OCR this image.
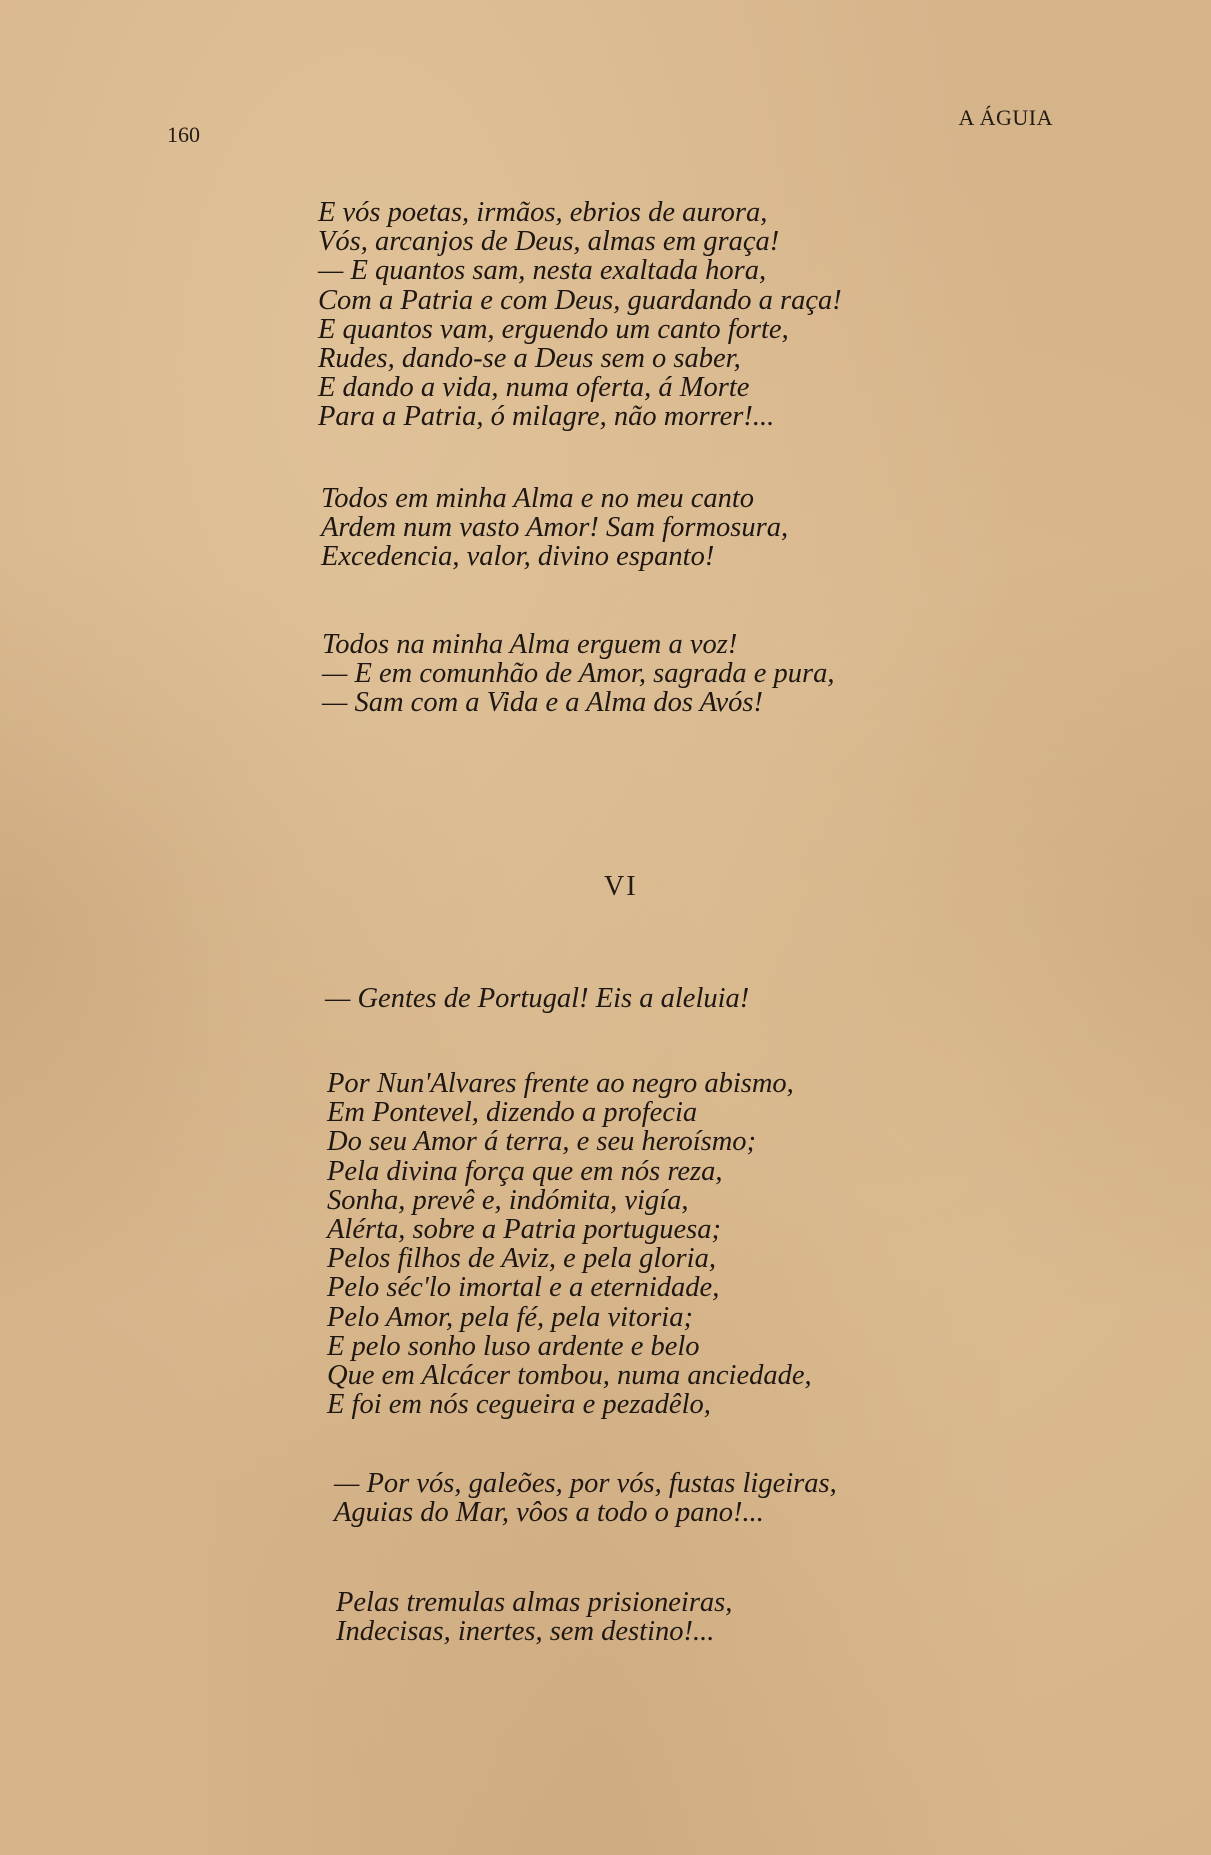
160
A ÁGUIA

E vós poetas, irmãos, ebrios de aurora,
Vós, arcanjos de Deus, almas em graça!
— E quantos sam, nesta exaltada hora,
Com a Patria e com Deus, guardando a raça!
E quantos vam, erguendo um canto forte,
Rudes, dando-se a Deus sem o saber,
E dando a vida, numa oferta, á Morte
Para a Patria, ó milagre, não morrer!...

Todos em minha Alma e no meu canto
Ardem num vasto Amor! Sam formosura,
Excedencia, valor, divino espanto!

Todos na minha Alma erguem a voz!
— E em comunhão de Amor, sagrada e pura,
— Sam com a Vida e a Alma dos Avós!

VI

— Gentes de Portugal! Eis a aleluia!

Por Nun'Alvares frente ao negro abismo,
Em Pontevel, dizendo a profecia
Do seu Amor á terra, e seu heroísmo;
Pela divina força que em nós reza,
Sonha, prevê e, indómita, vigía,
Alérta, sobre a Patria portuguesa;
Pelos filhos de Aviz, e pela gloria,
Pelo séc'lo imortal e a eternidade,
Pelo Amor, pela fé, pela vitoria;
E pelo sonho luso ardente e belo
Que em Alcácer tombou, numa anciedade,
E foi em nós cegueira e pezadêlo,

— Por vós, galeões, por vós, fustas ligeiras,
Aguias do Mar, vôos a todo o pano!...

Pelas tremulas almas prisioneiras,
Indecisas, inertes, sem destino!...
